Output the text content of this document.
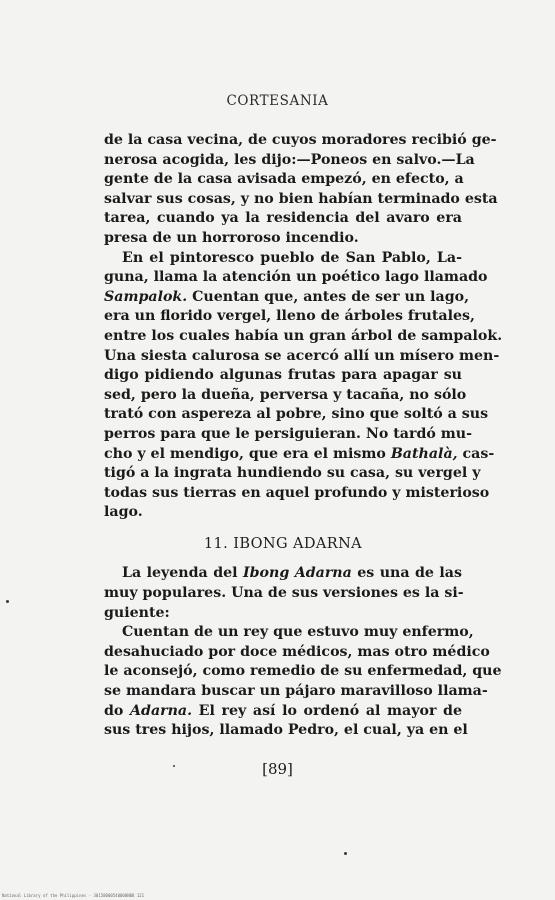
CORTESANIA

de la casa vecina, de cuyos moradores recibió ge-
nerosa acogida, les dijo:—Poneos en salvo.—La
gente de la casa avisada empezó, en efecto, a
salvar sus cosas, y no bien habían terminado esta
tarea, cuando ya la residencia del avaro era
presa de un horroroso incendio.

En el pintoresco pueblo de San Pablo, La-
guna, llama la atención un poético lago llamado
Sampalok. Cuentan que, antes de ser un lago,
era un florido vergel, lleno de árboles frutales,
entre los cuales había un gran árbol de sampalok.
Una siesta calurosa se acercó allí un mísero men-
digo pidiendo algunas frutas para apagar su
sed, pero la dueña, perversa y tacaña, no sólo
trató con aspereza al pobre, sino que soltó a sus
perros para que le persiguieran. No tardó mu-
cho y el mendigo, que era el mismo Bathalà, cas-
tigó a la ingrata hundiendo su casa, su vergel y
todas sus tierras en aquel profundo y misterioso
lago.

11. IBONG ADARNA

La leyenda del Ibong Adarna es una de las
muy populares. Una de sus versiones es la si-
guiente:

Cuentan de un rey que estuvo muy enfermo,
desahuciado por doce médicos, mas otro médico
le aconsejó, como remedio de su enfermedad, que
se mandara buscar un pájaro maravilloso llama-
do Adarna. El rey así lo ordenó al mayor de
sus tres hijos, llamado Pedro, el cual, ya en el

[89]
National Library of the Philippines · 30158000540000N08 121
